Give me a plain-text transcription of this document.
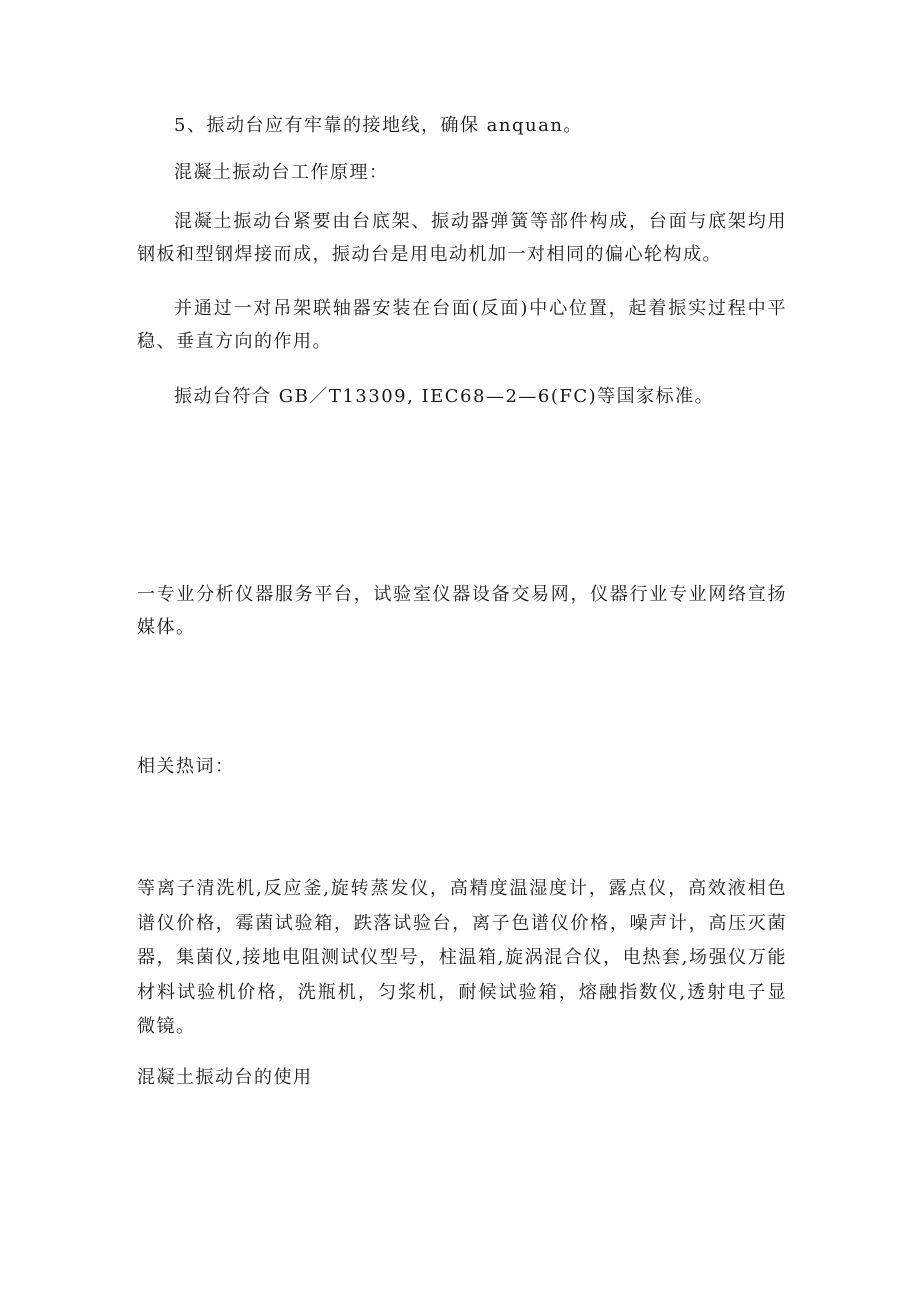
5、振动台应有牢靠的接地线，确保 anquan。

混凝土振动台工作原理：

混凝土振动台紧要由台底架、振动器弹簧等部件构成，台面与底架均用钢板和型钢焊接而成，振动台是用电动机加一对相同的偏心轮构成。

并通过一对吊架联轴器安装在台面(反面)中心位置，起着振实过程中平稳、垂直方向的作用。

振动台符合 GB／T13309, IEC68—2—6(FC)等国家标准。

一专业分析仪器服务平台，试验室仪器设备交易网，仪器行业专业网络宣扬媒体。

相关热词：

等离子清洗机,反应釜,旋转蒸发仪，高精度温湿度计，露点仪，高效液相色谱仪价格，霉菌试验箱，跌落试验台，离子色谱仪价格，噪声计，高压灭菌器，集菌仪,接地电阻测试仪型号，柱温箱,旋涡混合仪，电热套,场强仪万能材料试验机价格，洗瓶机，匀浆机，耐候试验箱，熔融指数仪,透射电子显微镜。

混凝土振动台的使用
